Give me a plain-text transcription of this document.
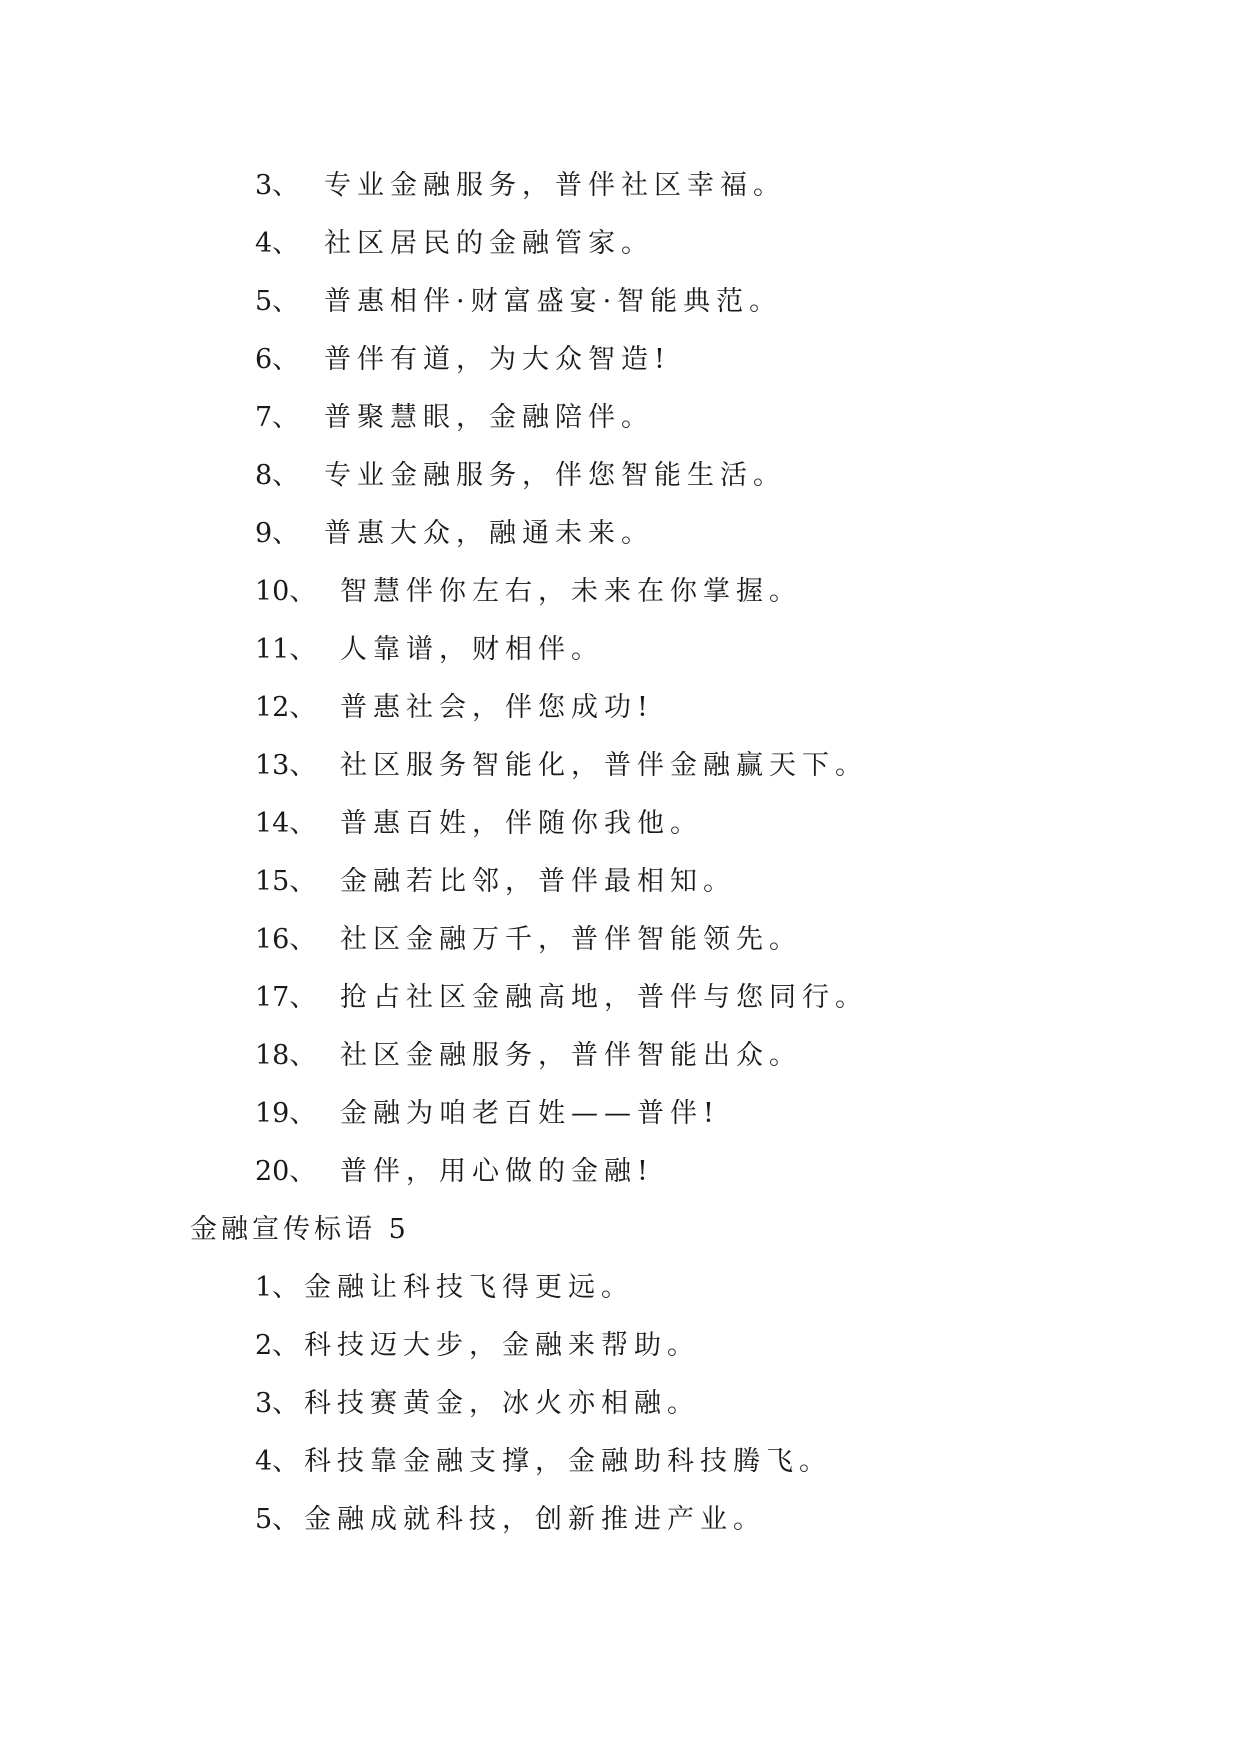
3、 专业金融服务，普伴社区幸福。
4、 社区居民的金融管家。
5、 普惠相伴·财富盛宴·智能典范。
6、 普伴有道，为大众智造!
7、 普聚慧眼，金融陪伴。
8、 专业金融服务，伴您智能生活。
9、 普惠大众，融通未来。
10、 智慧伴你左右，未来在你掌握。
11、 人靠谱，财相伴。
12、 普惠社会，伴您成功!
13、 社区服务智能化，普伴金融赢天下。
14、 普惠百姓，伴随你我他。
15、 金融若比邻，普伴最相知。
16、 社区金融万千，普伴智能领先。
17、 抢占社区金融高地，普伴与您同行。
18、 社区金融服务，普伴智能出众。
19、 金融为咱老百姓——普伴!
20、 普伴，用心做的金融!
金融宣传标语 5
1、 金融让科技飞得更远。
2、 科技迈大步，金融来帮助。
3、 科技赛黄金，冰火亦相融。
4、 科技靠金融支撑，金融助科技腾飞。
5、 金融成就科技，创新推进产业。
